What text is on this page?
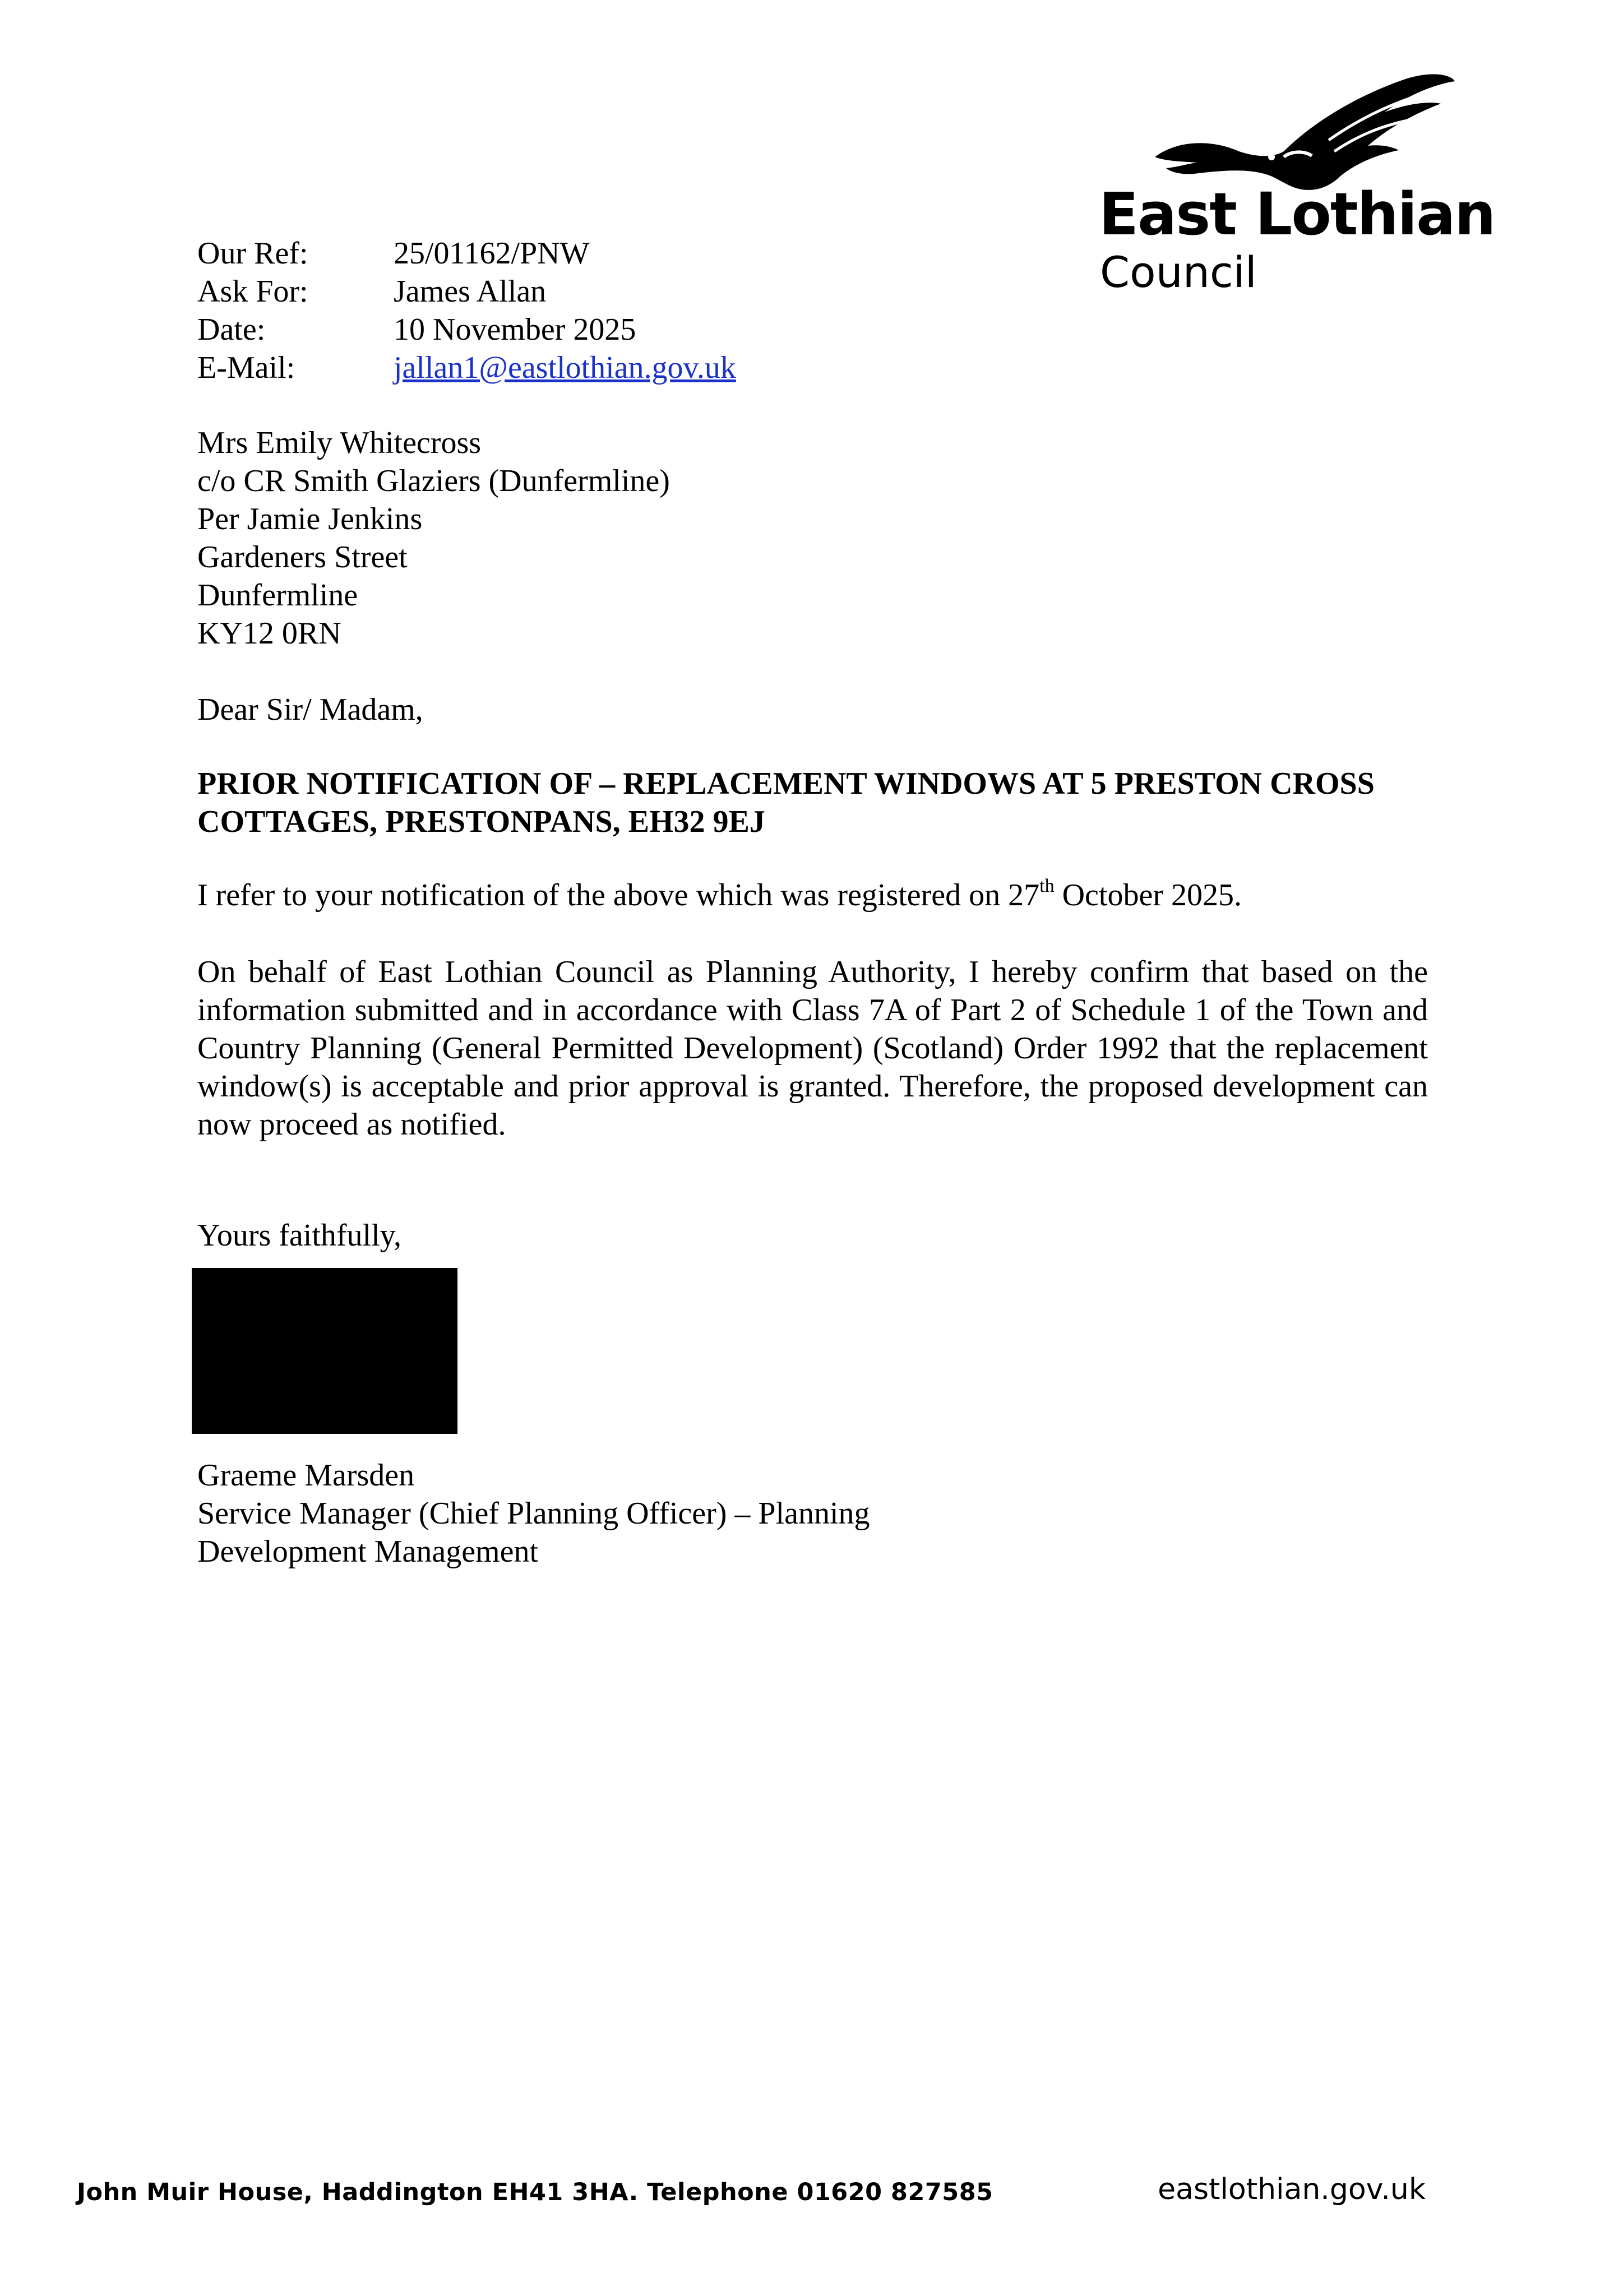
East Lothian
Council
Our Ref:	25/01162/PNW
Ask For:	James Allan
Date:	10 November 2025
E-Mail:	jallan1@eastlothian.gov.uk
Mrs Emily Whitecross
c/o CR Smith Glaziers (Dunfermline)
Per Jamie Jenkins
Gardeners Street
Dunfermline
KY12 0RN
Dear Sir/ Madam,
PRIOR NOTIFICATION OF – REPLACEMENT WINDOWS AT 5 PRESTON CROSS COTTAGES, PRESTONPANS, EH32 9EJ
I refer to your notification of the above which was registered on 27th October 2025.
On behalf of East Lothian Council as Planning Authority, I hereby confirm that based on the information submitted and in accordance with Class 7A of Part 2 of Schedule 1 of the Town and Country Planning (General Permitted Development) (Scotland) Order 1992 that the replacement window(s) is acceptable and prior approval is granted. Therefore, the proposed development can now proceed as notified.
Yours faithfully,
Graeme Marsden
Service Manager (Chief Planning Officer) – Planning
Development Management
John Muir House, Haddington EH41 3HA. Telephone 01620 827585	eastlothian.gov.uk
